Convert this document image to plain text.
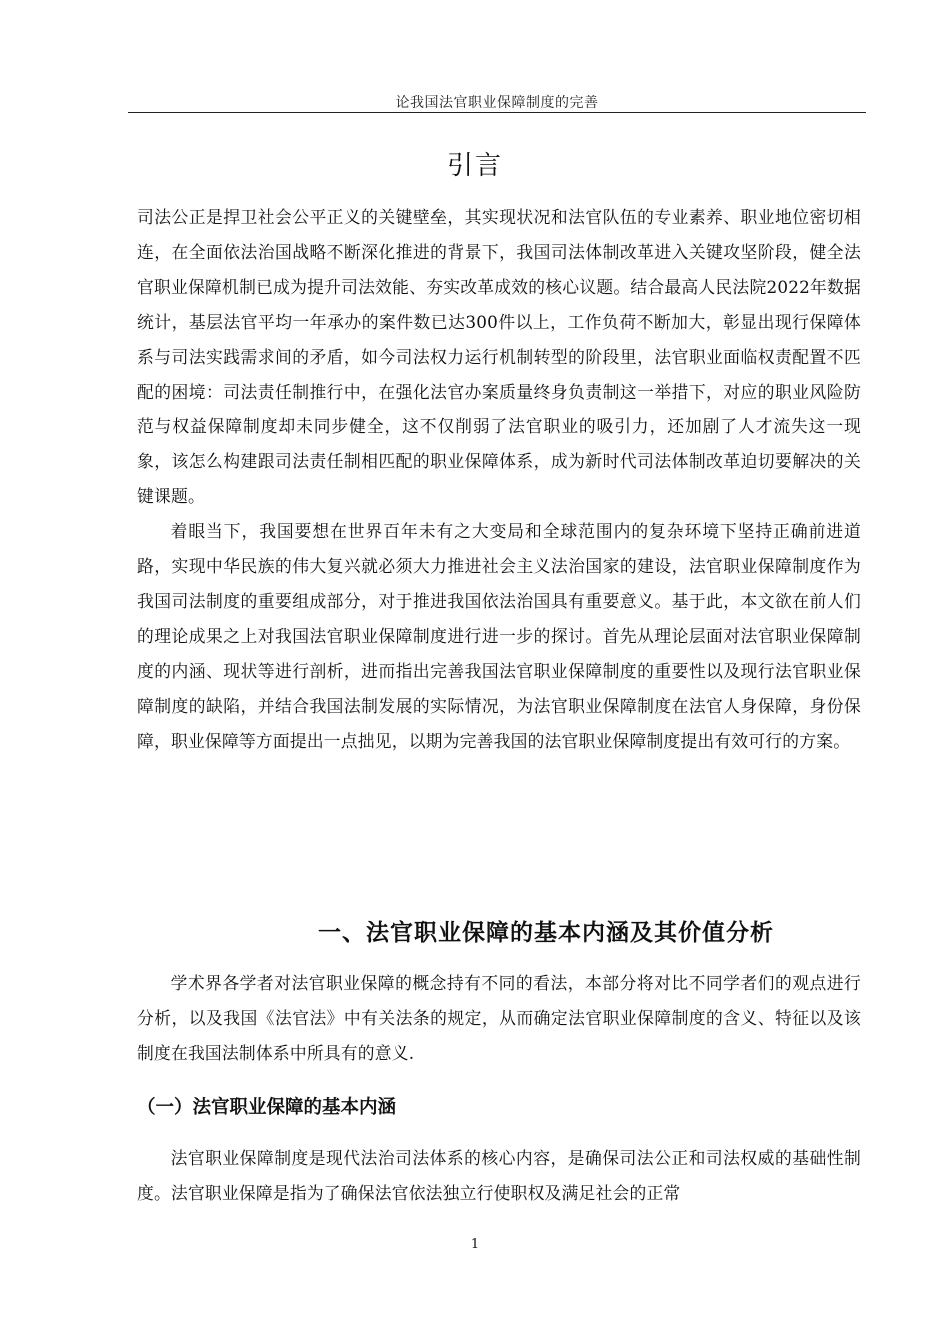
论我国法官职业保障制度的完善
引言

司法公正是捍卫社会公平正义的关键壁垒，其实现状况和法官队伍的专业素养、职业地位密切相连，在全面依法治国战略不断深化推进的背景下，我国司法体制改革进入关键攻坚阶段，健全法官职业保障机制已成为提升司法效能、夯实改革成效的核心议题。结合最高人民法院2022年数据统计，基层法官平均一年承办的案件数已达300件以上，工作负荷不断加大，彰显出现行保障体系与司法实践需求间的矛盾，如今司法权力运行机制转型的阶段里，法官职业面临权责配置不匹配的困境：司法责任制推行中，在强化法官办案质量终身负责制这一举措下，对应的职业风险防范与权益保障制度却未同步健全，这不仅削弱了法官职业的吸引力，还加剧了人才流失这一现象，该怎么构建跟司法责任制相匹配的职业保障体系，成为新时代司法体制改革迫切要解决的关键课题。

着眼当下，我国要想在世界百年未有之大变局和全球范围内的复杂环境下坚持正确前进道路，实现中华民族的伟大复兴就必须大力推进社会主义法治国家的建设，法官职业保障制度作为我国司法制度的重要组成部分，对于推进我国依法治国具有重要意义。基于此，本文欲在前人们的理论成果之上对我国法官职业保障制度进行进一步的探讨。首先从理论层面对法官职业保障制度的内涵、现状等进行剖析，进而指出完善我国法官职业保障制度的重要性以及现行法官职业保障制度的缺陷，并结合我国法制发展的实际情况，为法官职业保障制度在法官人身保障，身份保障，职业保障等方面提出一点拙见，以期为完善我国的法官职业保障制度提出有效可行的方案。

一、法官职业保障的基本内涵及其价值分析

学术界各学者对法官职业保障的概念持有不同的看法，本部分将对比不同学者们的观点进行分析，以及我国《法官法》中有关法条的规定，从而确定法官职业保障制度的含义、特征以及该制度在我国法制体系中所具有的意义.

（一）法官职业保障的基本内涵

法官职业保障制度是现代法治司法体系的核心内容，是确保司法公正和司法权威的基础性制度。法官职业保障是指为了确保法官依法独立行使职权及满足社会的正常

1
